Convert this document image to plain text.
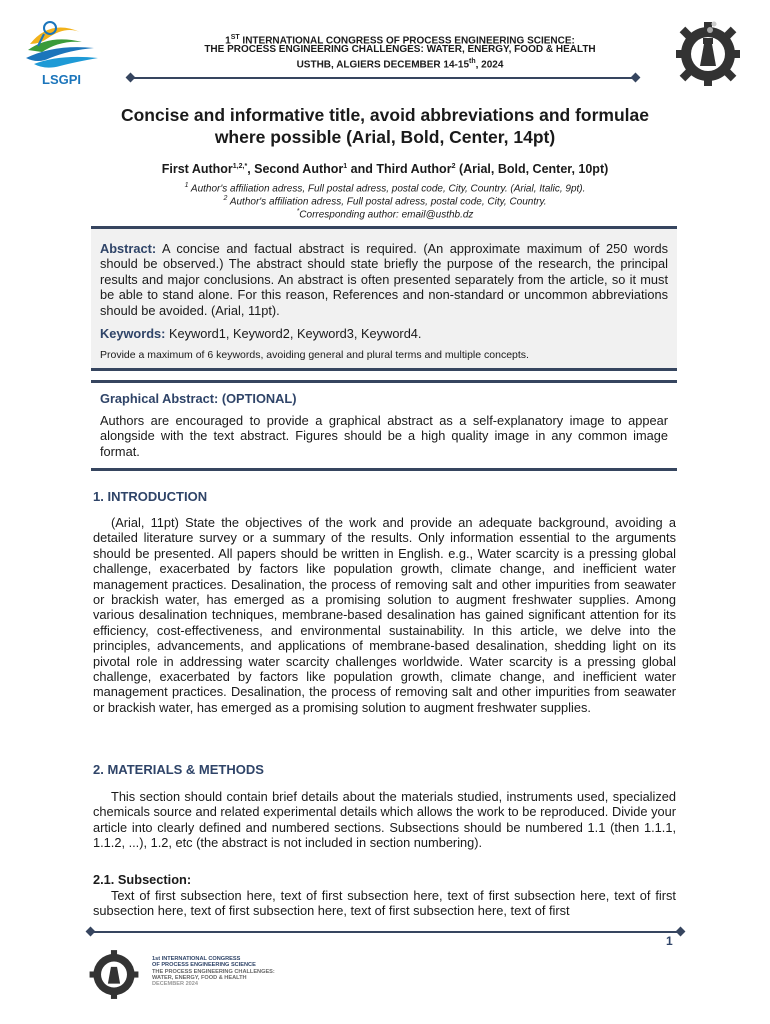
LSGPI
1ST INTERNATIONAL CONGRESS OF PROCESS ENGINEERING SCIENCE:
THE PROCESS ENGINEERING CHALLENGES: WATER, ENERGY, FOOD & HEALTH
USTHB, ALGIERS DECEMBER 14-15th, 2024
Concise and informative title, avoid abbreviations and formulae where possible (Arial, Bold, Center, 14pt)
First Author$^{1,2,*}$, Second Author$^1$ and Third Author$^2$ (Arial, Bold, Center, 10pt)
$^1$ Author's affiliation adress, Full postal adress, postal code, City, Country. (Arial, Italic, 9pt).
$^2$ Author's affiliation adress, Full postal adress, postal code, City, Country.
*Corresponding author: email@usthb.dz
Abstract: A concise and factual abstract is required. (An approximate maximum of 250 words should be observed.) The abstract should state briefly the purpose of the research, the principal results and major conclusions. An abstract is often presented separately from the article, so it must be able to stand alone. For this reason, References and non-standard or uncommon abbreviations should be avoided. (Arial, 11pt).
Keywords: Keyword1, Keyword2, Keyword3, Keyword4.
Provide a maximum of 6 keywords, avoiding general and plural terms and multiple concepts.
Graphical Abstract: (OPTIONAL)
Authors are encouraged to provide a graphical abstract as a self-explanatory image to appear alongside with the text abstract. Figures should be a high quality image in any common image format.
1. INTRODUCTION
(Arial, 11pt) State the objectives of the work and provide an adequate background, avoiding a detailed literature survey or a summary of the results. Only information essential to the arguments should be presented. All papers should be written in English. e.g., Water scarcity is a pressing global challenge, exacerbated by factors like population growth, climate change, and inefficient water management practices. Desalination, the process of removing salt and other impurities from seawater or brackish water, has emerged as a promising solution to augment freshwater supplies. Among various desalination techniques, membrane-based desalination has gained significant attention for its efficiency, cost-effectiveness, and environmental sustainability. In this article, we delve into the principles, advancements, and applications of membrane-based desalination, shedding light on its pivotal role in addressing water scarcity challenges worldwide. Water scarcity is a pressing global challenge, exacerbated by factors like population growth, climate change, and inefficient water management practices. Desalination, the process of removing salt and other impurities from seawater or brackish water, has emerged as a promising solution to augment freshwater supplies.
2. MATERIALS & METHODS
This section should contain brief details about the materials studied, instruments used, specialized chemicals source and related experimental details which allows the work to be reproduced. Divide your article into clearly defined and numbered sections. Subsections should be numbered 1.1 (then 1.1.1, 1.1.2, ...), 1.2, etc (the abstract is not included in section numbering).
2.1. Subsection:
Text of first subsection here, text of first subsection here, text of first subsection here, text of first subsection here, text of first subsection here, text of first subsection here, text of first
1
1st INTERNATIONAL CONGRESS
OF PROCESS ENGINEERING SCIENCE
THE PROCESS ENGINEERING CHALLENGES:
WATER, ENERGY, FOOD & HEALTH
DECEMBER 2024
